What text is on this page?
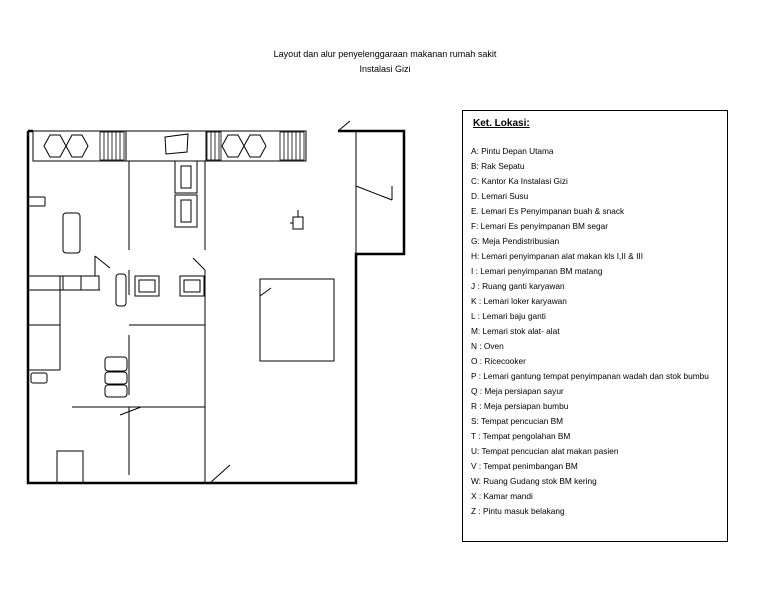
Layout dan alur penyelenggaraan makanan rumah sakit
Instalasi Gizi
Ket. Lokasi:
A: Pintu Depan Utama
B: Rak Sepatu
C: Kantor Ka Instalasi Gizi
D. Lemari Susu
E. Lemari Es Penyimpanan buah & snack
F: Lemari Es penyimpanan BM segar
G: Meja Pendistribusian
H: Lemari penyimpanan alat makan kls I,II & III
I : Lemari penyimpanan BM matang
J : Ruang ganti karyawan
K : Lemari loker karyawan
L : Lemari baju ganti
M: Lemari stok alat- alat
N : Oven
O : Ricecooker
P : Lemari gantung tempat penyimpanan wadah dan stok bumbu
Q : Meja persiapan sayur
R : Meja persiapan bumbu
S: Tempat pencucian BM
T : Tempat pengolahan BM
U: Tempat pencucian alat makan pasien
V : Tempat penimbangan BM
W: Ruang Gudang stok BM kering
X : Kamar mandi
Z : Pintu masuk belakang
